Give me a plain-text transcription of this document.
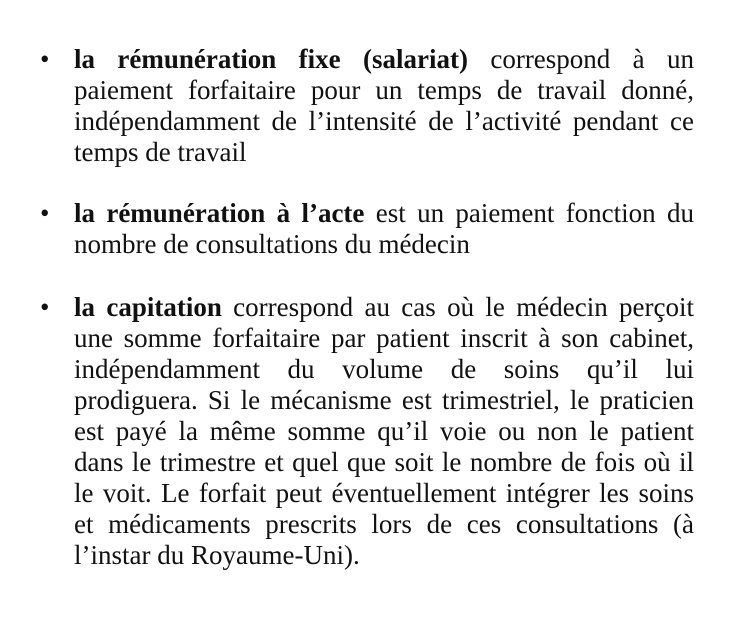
• la rémunération fixe (salariat) correspond à un paiement forfaitaire pour un temps de travail donné, indépendamment de l’intensité de l’activité pendant ce temps de travail

• la rémunération à l’acte est un paiement fonction du nombre de consultations du médecin

• la capitation correspond au cas où le médecin perçoit une somme forfaitaire par patient inscrit à son cabinet, indépendamment du volume de soins qu’il lui prodiguera. Si le mécanisme est trimestriel, le praticien est payé la même somme qu’il voie ou non le patient dans le trimestre et quel que soit le nombre de fois où il le voit. Le forfait peut éventuellement intégrer les soins et médicaments prescrits lors de ces consultations (à l’instar du Royaume-Uni).
